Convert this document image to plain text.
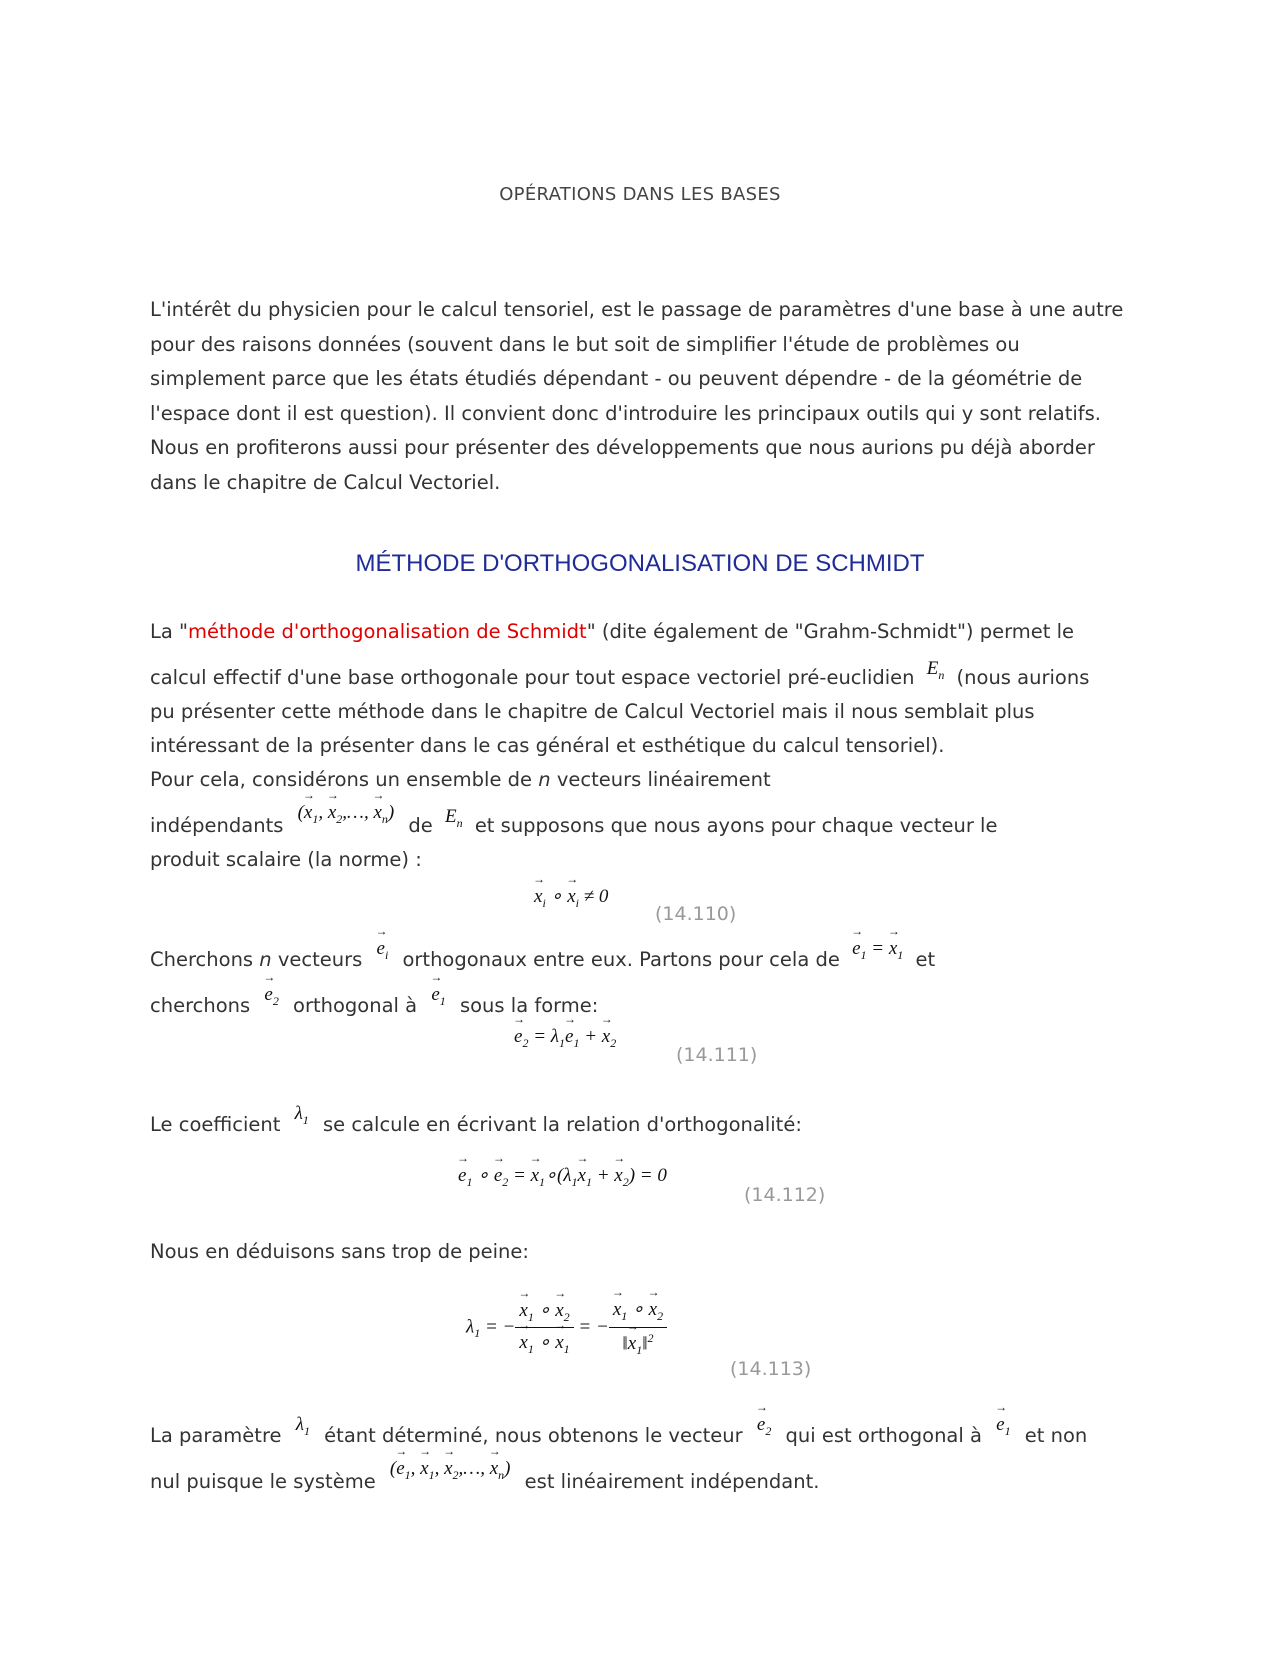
OPÉRATIONS DANS LES BASES
L'intérêt du physicien pour le calcul tensoriel, est le passage de paramètres d'une base à une autre pour des raisons données (souvent dans le but soit de simplifier l'étude de problèmes ou simplement parce que les états étudiés dépendant - ou peuvent dépendre - de la géométrie de l'espace dont il est question). Il convient donc d'introduire les principaux outils qui y sont relatifs. Nous en profiterons aussi pour présenter des développements que nous aurions pu déjà aborder dans le chapitre de Calcul Vectoriel.
MÉTHODE D'ORTHOGONALISATION DE SCHMIDT
La "méthode d'orthogonalisation de Schmidt" (dite également de "Grahm-Schmidt") permet le
calcul effectif d'une base orthogonale pour tout espace vectoriel pré-euclidien $E_n$ (nous aurions
pu présenter cette méthode dans le chapitre de Calcul Vectoriel mais il nous semblait plus
intéressant de la présenter dans le cas général et esthétique du calcul tensoriel).
Pour cela, considérons un ensemble de n vecteurs linéairement
indépendants (→ $x_1$, → $x_2,\dots$, → $x_n$) de $E_n$ et supposons que nous ayons pour chaque vecteur le
produit scalaire (la norme) :
→ $x_i$ ∘ → $x_i \ne 0$
(14.110)
Cherchons n vecteurs → $e_i$ orthogonaux entre eux. Partons pour cela de → $e_1$ = → $x_1$ et
cherchons → $e_2$ orthogonal à → $e_1$ sous la forme:
→ $e_2 = \lambda_1\to e_1$ + → $x_2$
(14.111)
Le coefficient $\lambda_1$ se calcule en écrivant la relation d'orthogonalité:
→ $e_1$ ∘ → $e_2$ = → $x_1\circ(\lambda_1\to x_1$ + → $x_2) = 0$
(14.112)
Nous en déduisons sans trop de peine:
$\lambda_1$ = − → $x_1$ ∘ → $x_2$
→ $x_1$ ∘ → $x_1$ = − → $\frac{x_1 \circ \to x_2}{‖\to x_1‖^2}$
(14.113)
La paramètre $\lambda_1$ étant déterminé, nous obtenons le vecteur → $e_2$ qui est orthogonal à → $e_1$ et non
nul puisque le système (→ $e_1$, → $x_1$, → $x_2,\dots$, → $x_n$) est linéairement indépendant.
